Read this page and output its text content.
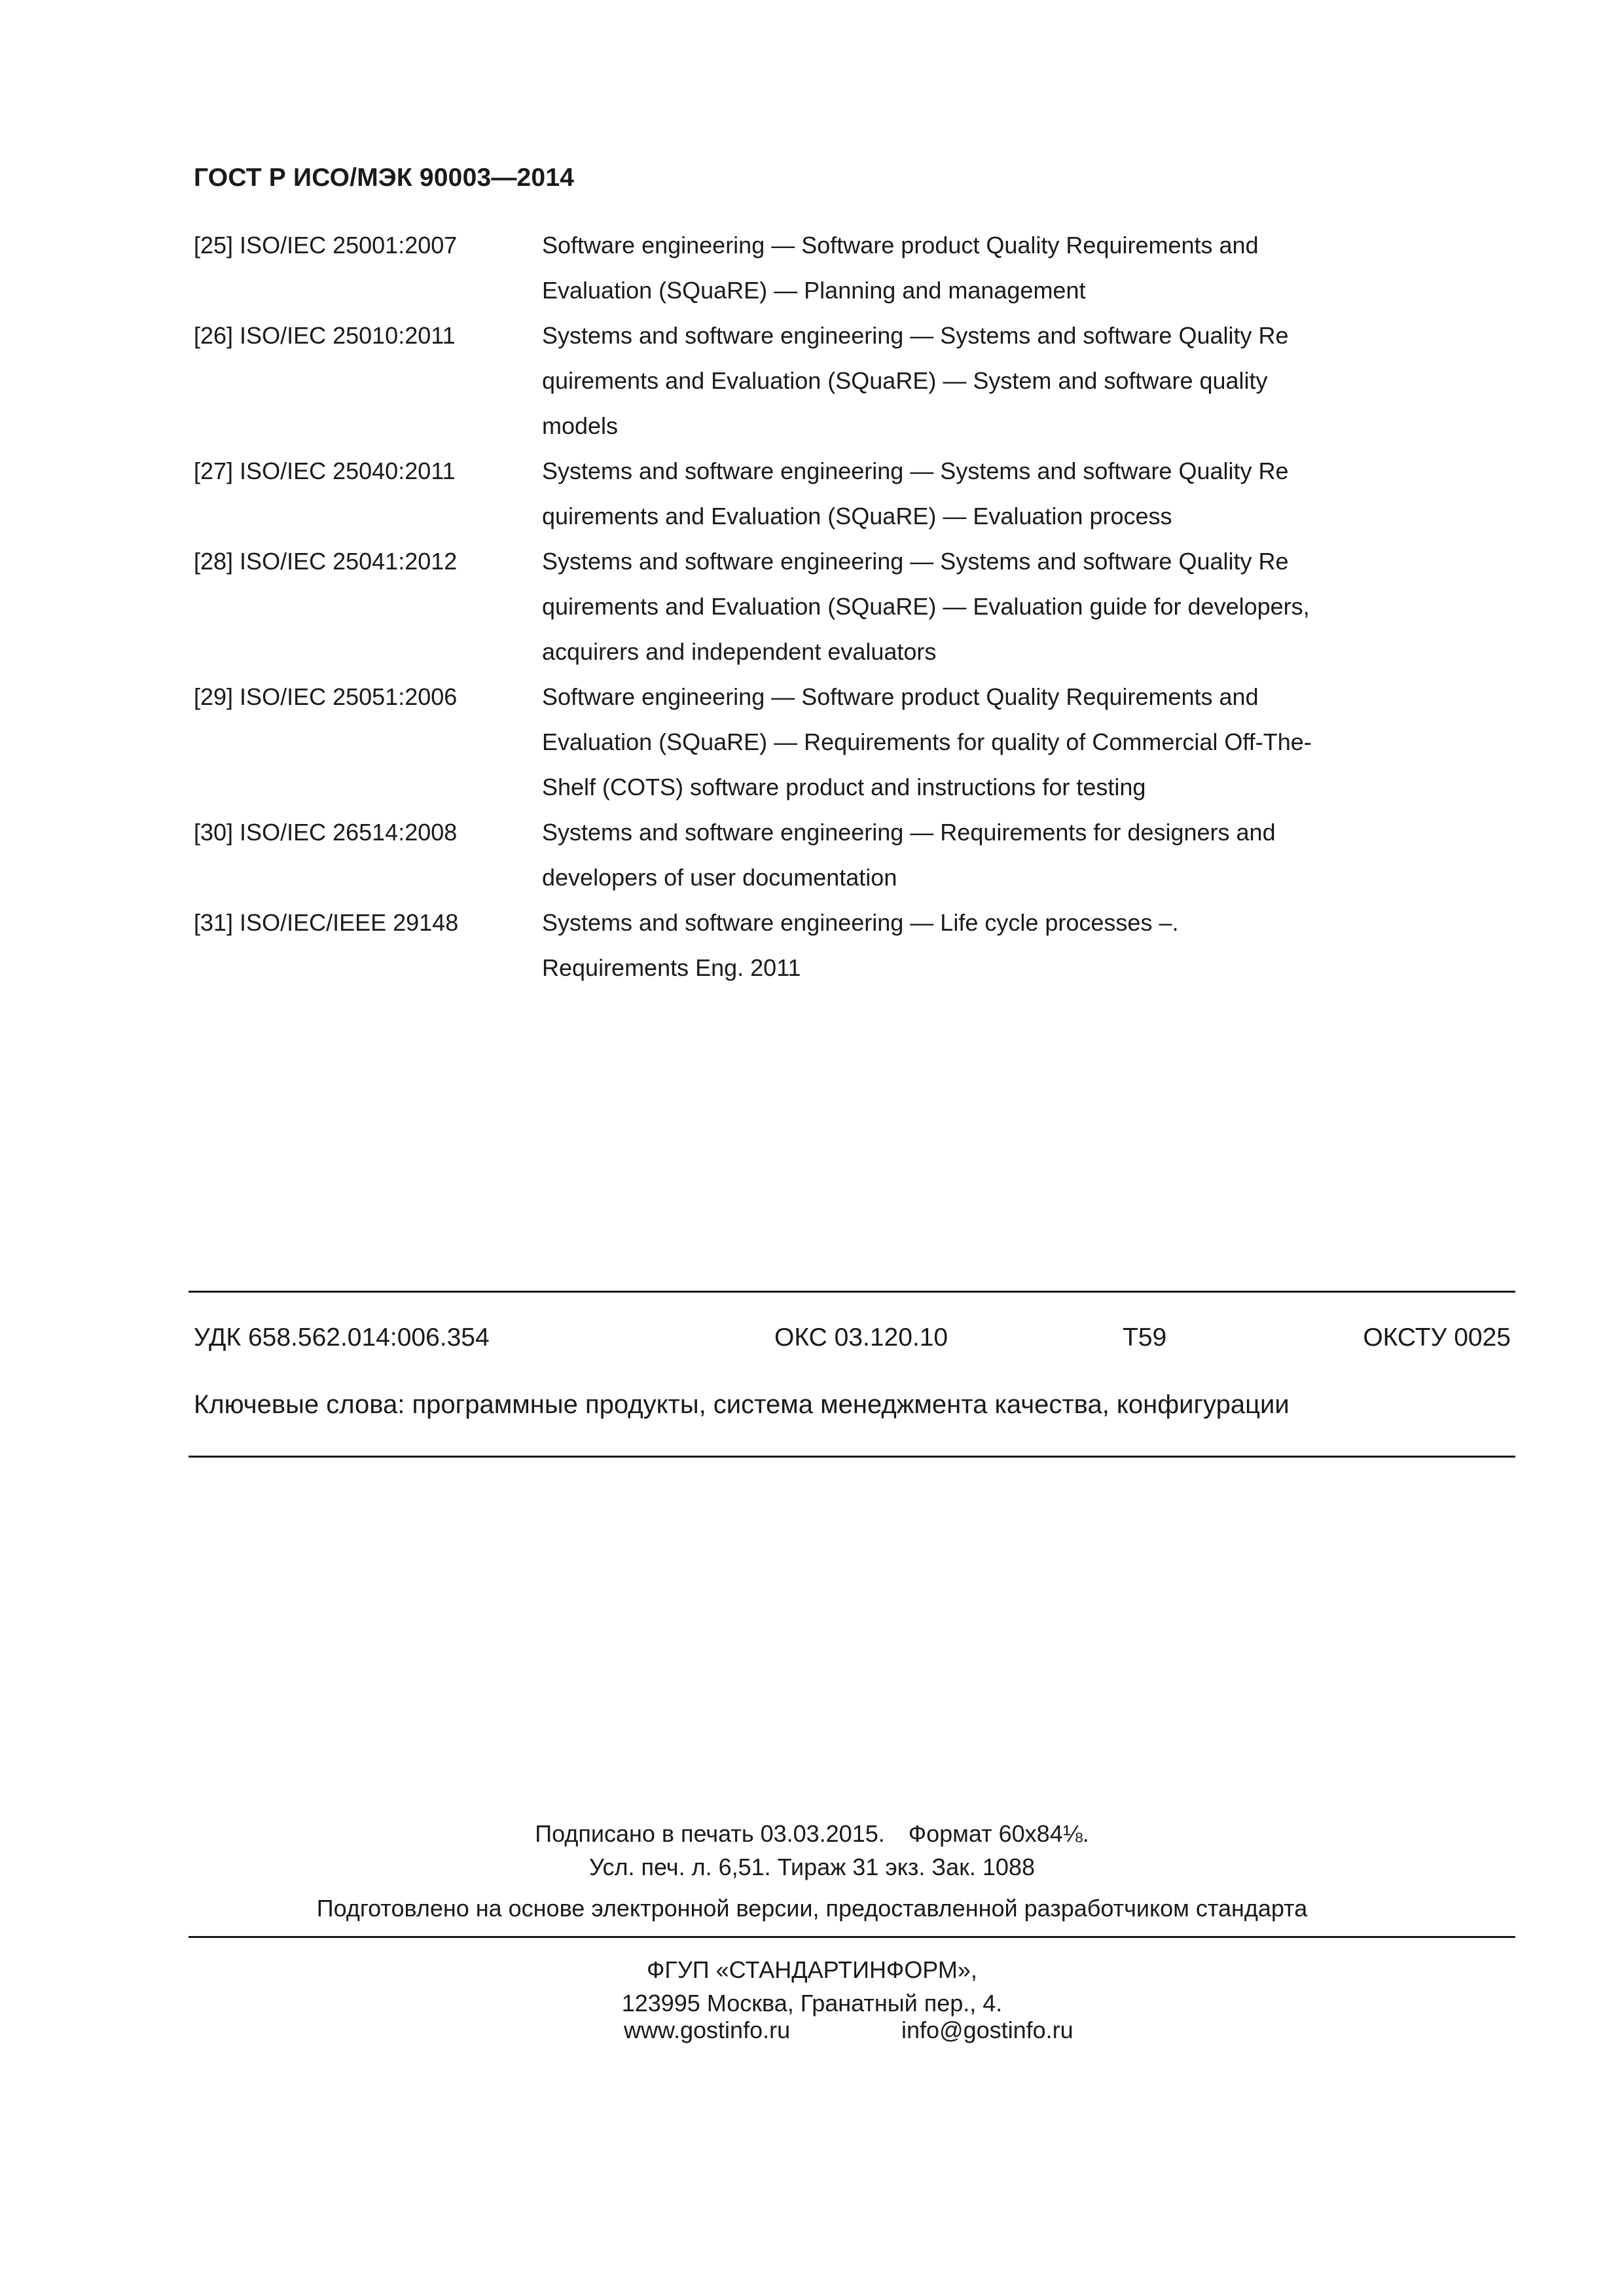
ГОСТ Р ИСО/МЭК 90003—2014
[25] ISO/IEC 25001:2007	Software engineering — Software product Quality Requirements and
Evaluation (SQuaRE) — Planning and management
[26] ISO/IEC 25010:2011	Systems and software engineering — Systems and software Quality Re
quirements and Evaluation (SQuaRE) — System and software quality
models
[27] ISO/IEC 25040:2011	Systems and software engineering — Systems and software Quality Re
quirements and Evaluation (SQuaRE) — Evaluation process
[28] ISO/IEC 25041:2012	Systems and software engineering — Systems and software Quality Re
quirements and Evaluation (SQuaRE) — Evaluation guide for developers,
acquirers and independent evaluators
[29] ISO/IEC 25051:2006	Software engineering — Software product Quality Requirements and
Evaluation (SQuaRE) — Requirements for quality of Commercial Off-The-
Shelf (COTS) software product and instructions for testing
[30] ISO/IEC 26514:2008	Systems and software engineering — Requirements for designers and
developers of user documentation
[31] ISO/IEC/IEEE 29148	Systems and software engineering — Life cycle processes –.
Requirements Eng. 2011
УДК 658.562.014:006.354	ОКС 03.120.10	Т59	ОКСТУ 0025
Ключевые слова: программные продукты, система менеджмента качества, конфигурации
Подписано в печать 03.03.2015. Формат 60x84⅛.
Усл. печ. л. 6,51. Тираж 31 экз. Зак. 1088
Подготовлено на основе электронной версии, предоставленной разработчиком стандарта
ФГУП «СТАНДАРТИНФОРМ»,
123995 Москва, Гранатный пер., 4.
www.gostinfo.ru	info@gostinfo.ru
